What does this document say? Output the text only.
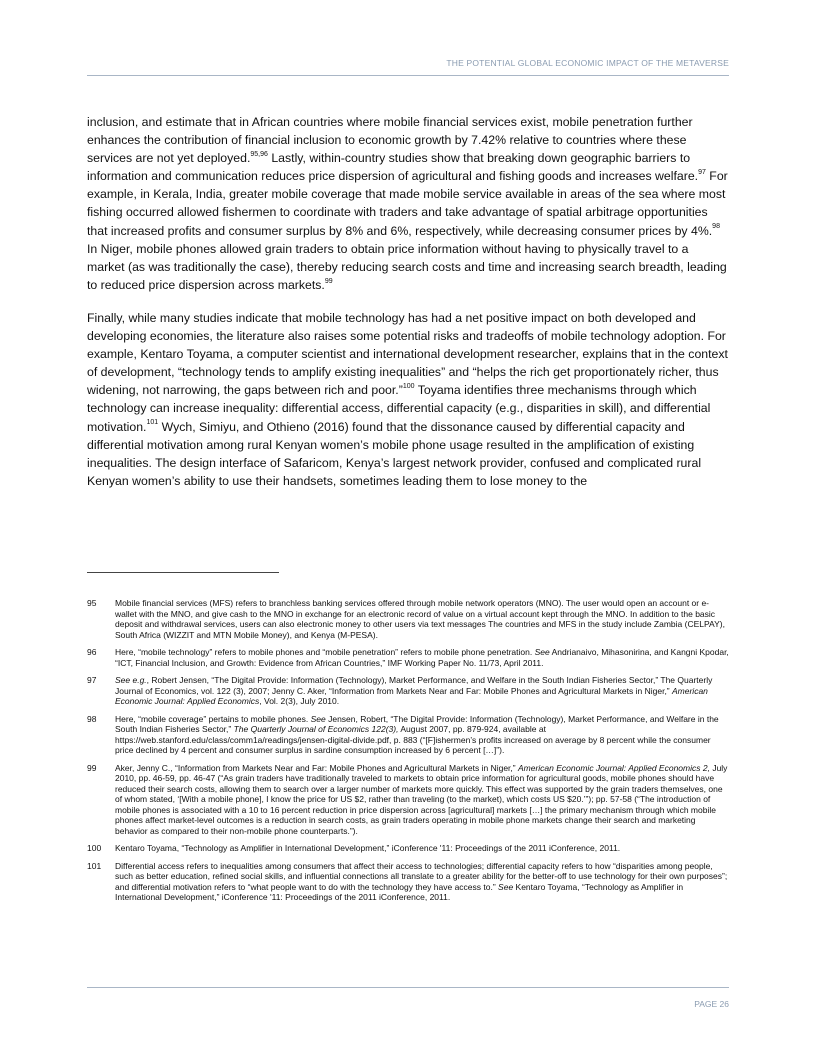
THE POTENTIAL GLOBAL ECONOMIC IMPACT OF THE METAVERSE

inclusion, and estimate that in African countries where mobile financial services exist, mobile penetration further enhances the contribution of financial inclusion to economic growth by 7.42% relative to countries where these services are not yet deployed.$^{95,96}$ Lastly, within-country studies show that breaking down geographic barriers to information and communication reduces price dispersion of agricultural and fishing goods and increases welfare.$^{97}$ For example, in Kerala, India, greater mobile coverage that made mobile service available in areas of the sea where most fishing occurred allowed fishermen to coordinate with traders and take advantage of spatial arbitrage opportunities that increased profits and consumer surplus by 8% and 6%, respectively, while decreasing consumer prices by 4%.$^{98}$ In Niger, mobile phones allowed grain traders to obtain price information without having to physically travel to a market (as was traditionally the case), thereby reducing search costs and time and increasing search breadth, leading to reduced price dispersion across markets.$^{99}$

Finally, while many studies indicate that mobile technology has had a net positive impact on both developed and developing economies, the literature also raises some potential risks and tradeoffs of mobile technology adoption. For example, Kentaro Toyama, a computer scientist and international development researcher, explains that in the context of development, “technology tends to amplify existing inequalities” and “helps the rich get proportionately richer, thus widening, not narrowing, the gaps between rich and poor.”$^{100}$ Toyama identifies three mechanisms through which technology can increase inequality: differential access, differential capacity (e.g., disparities in skill), and differential motivation.$^{101}$ Wych, Simiyu, and Othieno (2016) found that the dissonance caused by differential capacity and differential motivation among rural Kenyan women’s mobile phone usage resulted in the amplification of existing inequalities. The design interface of Safaricom, Kenya’s largest network provider, confused and complicated rural Kenyan women’s ability to use their handsets, sometimes leading them to lose money to the

95	Mobile financial services (MFS) refers to branchless banking services offered through mobile network operators (MNO). The user would open an account or e-wallet with the MNO, and give cash to the MNO in exchange for an electronic record of value on a virtual account kept through the MNO. In addition to the basic deposit and withdrawal services, users can also electronic money to other users via text messages The countries and MFS in the study include Zambia (CELPAY), South Africa (WIZZIT and MTN Mobile Money), and Kenya (M-PESA).
96	Here, “mobile technology” refers to mobile phones and “mobile penetration” refers to mobile phone penetration. See Andrianaivo, Mihasonirina, and Kangni Kpodar, “ICT, Financial Inclusion, and Growth: Evidence from African Countries,” IMF Working Paper No. 11/73, April 2011.
97	See e.g., Robert Jensen, “The Digital Provide: Information (Technology), Market Performance, and Welfare in the South Indian Fisheries Sector,” The Quarterly Journal of Economics, vol. 122 (3), 2007; Jenny C. Aker, “Information from Markets Near and Far: Mobile Phones and Agricultural Markets in Niger,” American Economic Journal: Applied Economics, Vol. 2(3), July 2010.
98	Here, “mobile coverage” pertains to mobile phones. See Jensen, Robert, “The Digital Provide: Information (Technology), Market Performance, and Welfare in the South Indian Fisheries Sector,” The Quarterly Journal of Economics 122(3), August 2007, pp. 879-924, available at https://web.stanford.edu/class/comm1a/readings/jensen-digital-divide.pdf, p. 883 (“[F]ishermen’s profits increased on average by 8 percent while the consumer price declined by 4 percent and consumer surplus in sardine consumption increased by 6 percent […]”).
99	Aker, Jenny C., “Information from Markets Near and Far: Mobile Phones and Agricultural Markets in Niger,” American Economic Journal: Applied Economics 2, July 2010, pp. 46-59, pp. 46-47 (“As grain traders have traditionally traveled to markets to obtain price information for agricultural goods, mobile phones should have reduced their search costs, allowing them to search over a larger number of markets more quickly. This effect was supported by the grain traders themselves, one of whom stated, ‘[With a mobile phone], I know the price for US $2, rather than traveling (to the market), which costs US $20.’”); pp. 57-58 (“The introduction of mobile phones is associated with a 10 to 16 percent reduction in price dispersion across [agricultural] markets […] the primary mechanism through which mobile phones affect market-level outcomes is a reduction in search costs, as grain traders operating in mobile phone markets change their search and marketing behavior as compared to their non-mobile phone counterparts.”).
100	Kentaro Toyama, “Technology as Amplifier in International Development,” iConference '11: Proceedings of the 2011 iConference, 2011.
101	Differential access refers to inequalities among consumers that affect their access to technologies; differential capacity refers to how “disparities among people, such as better education, refined social skills, and influential connections all translate to a greater ability for the better-off to use technology for their own purposes”; and differential motivation refers to “what people want to do with the technology they have access to.” See Kentaro Toyama, “Technology as Amplifier in International Development,” iConference '11: Proceedings of the 2011 iConference, 2011.
PAGE 26
